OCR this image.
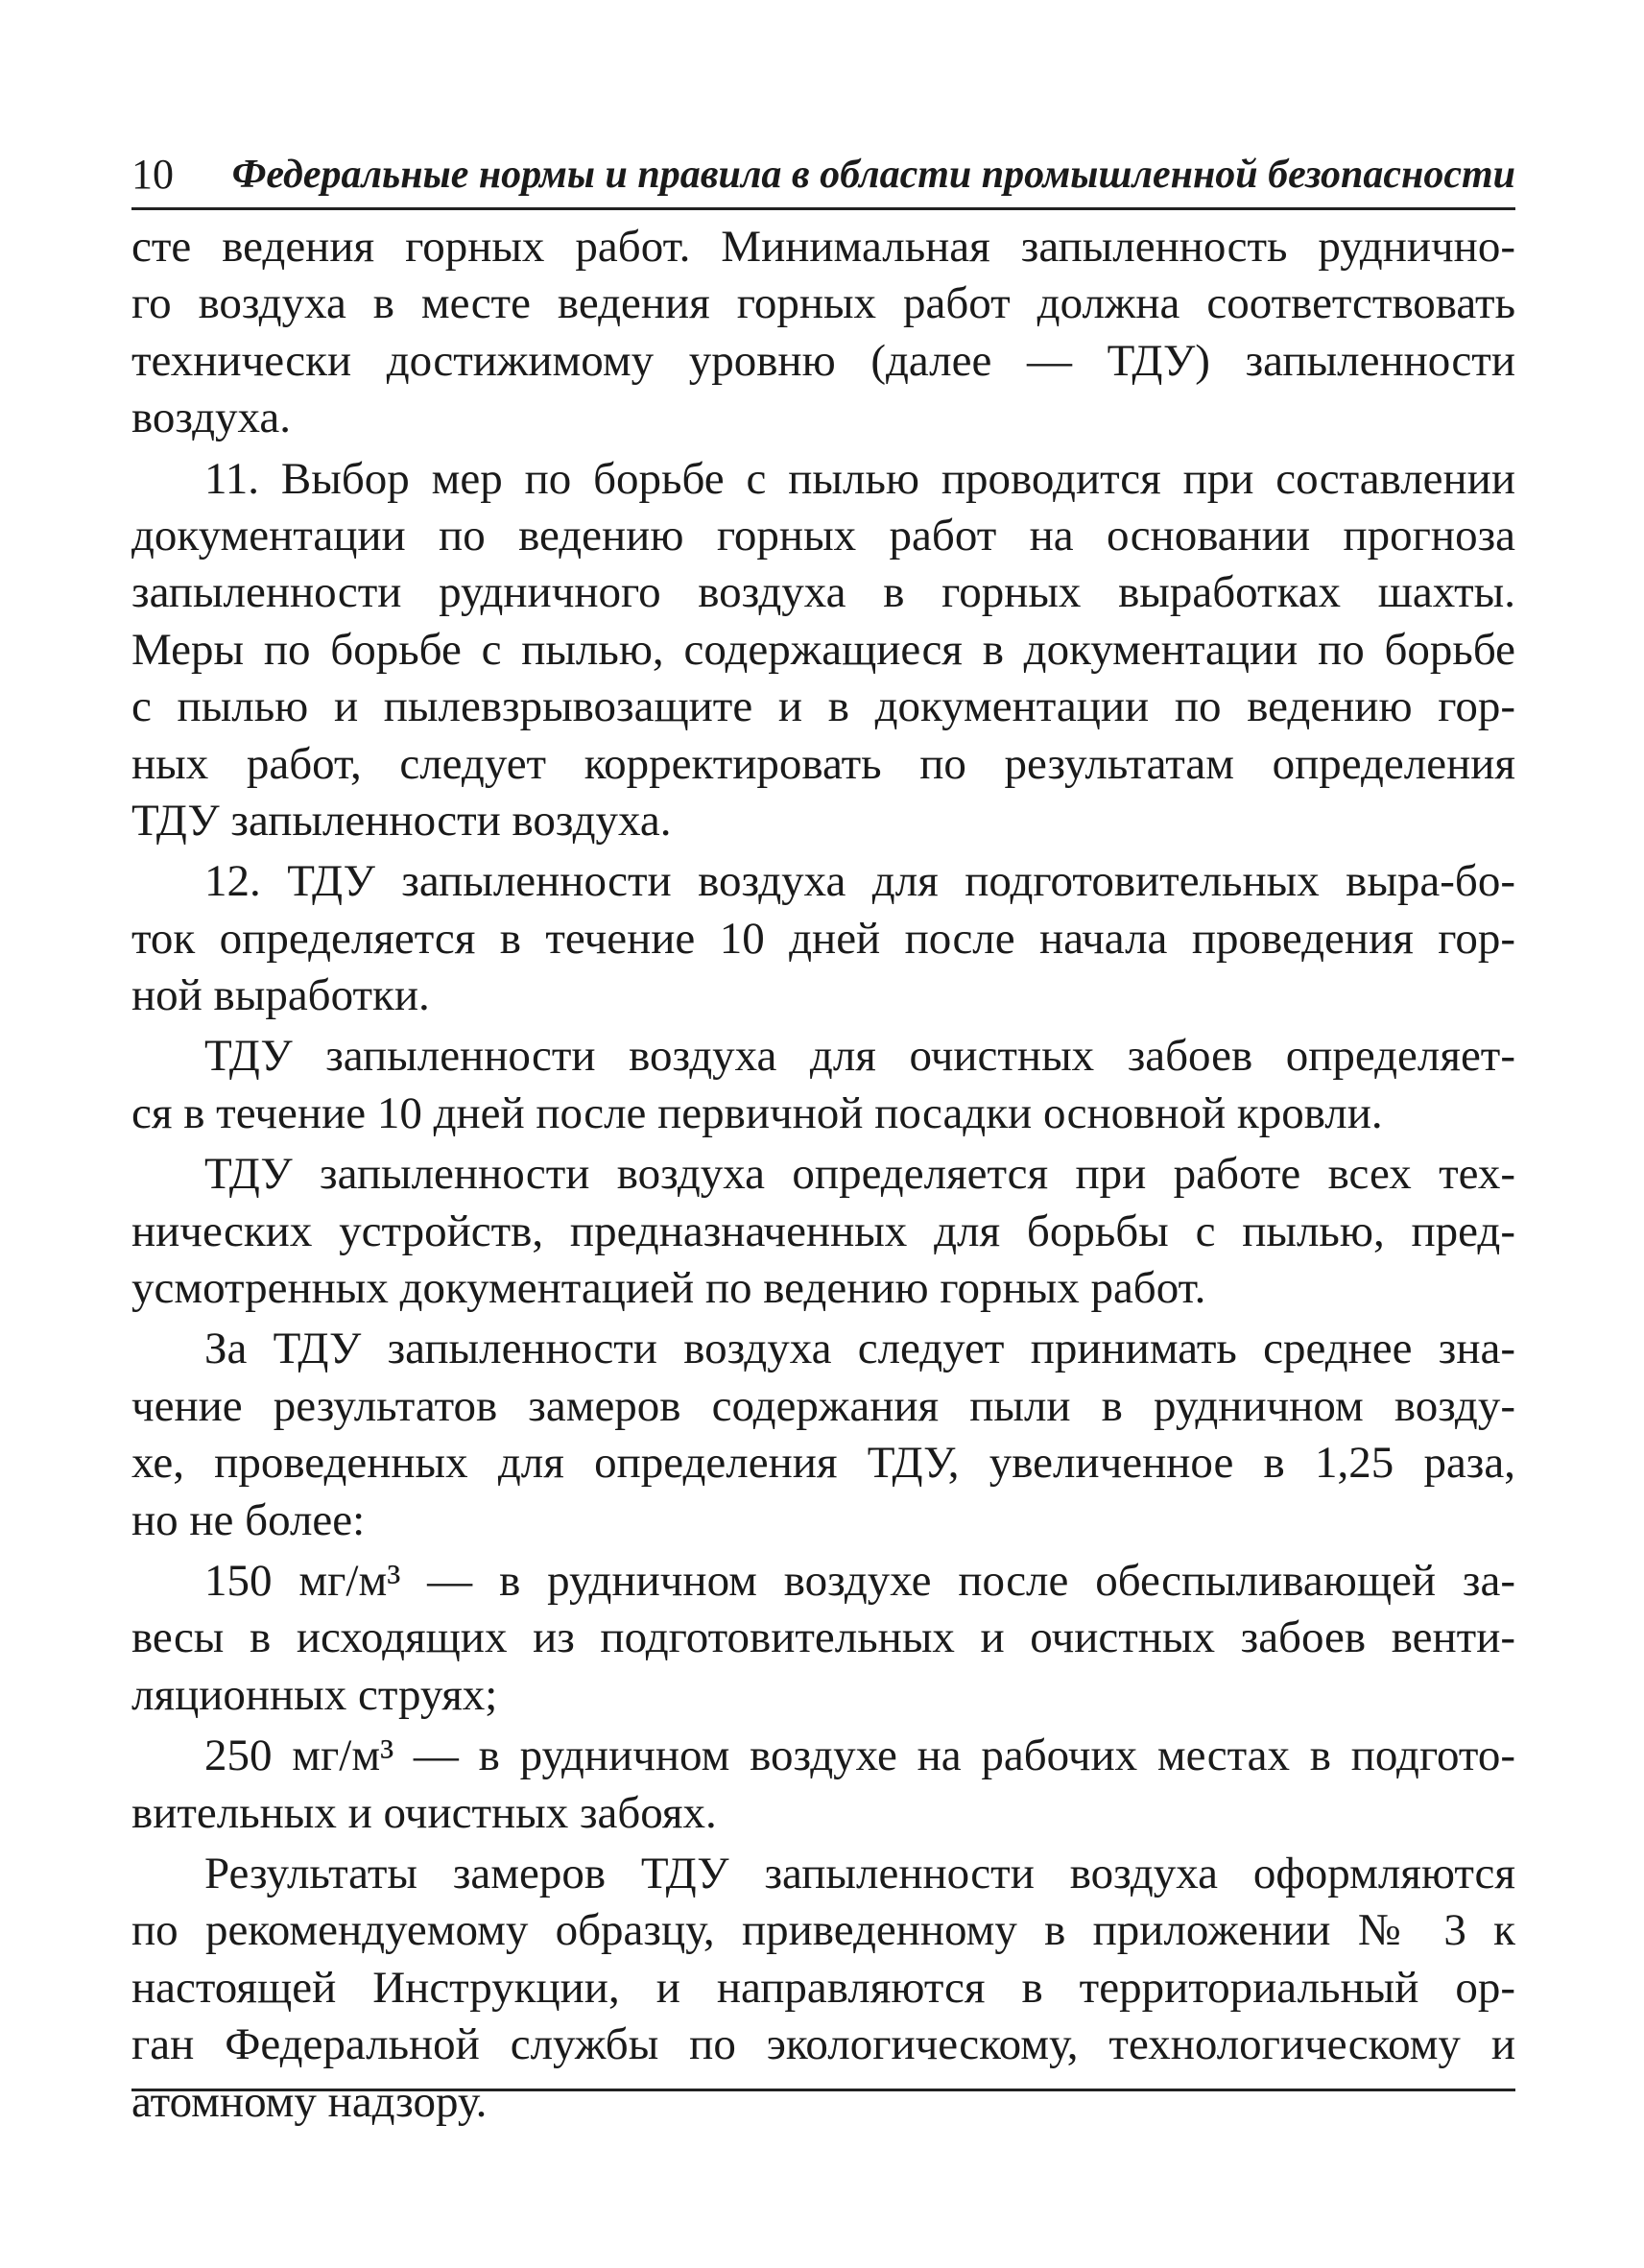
10 Федеральные нормы и правила в области промышленной безопасности
сте ведения горных работ. Минимальная запыленность руднично-
го воздуха в месте ведения горных работ должна соответствовать
технически достижимому уровню (далее — ТДУ) запыленности
воздуха.
11. Выбор мер по борьбе с пылью проводится при составлении
документации по ведению горных работ на основании прогноза
запыленности рудничного воздуха в горных выработках шахты.
Меры по борьбе с пылью, содержащиеся в документации по борьбе
с пылью и пылевзрывозащите и в документации по ведению гор-
ных работ, следует корректировать по результатам определения
ТДУ запыленности воздуха.
12. ТДУ запыленности воздуха для подготовительных выра-бо-
ток определяется в течение 10 дней после начала проведения гор-
ной выработки.
ТДУ запыленности воздуха для очистных забоев определяет-
ся в течение 10 дней после первичной посадки основной кровли.
ТДУ запыленности воздуха определяется при работе всех тех-
нических устройств, предназначенных для борьбы с пылью, пред-
усмотренных документацией по ведению горных работ.
За ТДУ запыленности воздуха следует принимать среднее зна-
чение результатов замеров содержания пыли в рудничном возду-
хе, проведенных для определения ТДУ, увеличенное в 1,25 раза,
но не более:
150 мг/м³ — в рудничном воздухе после обеспыливающей за-
весы в исходящих из подготовительных и очистных забоев венти-
ляционных струях;
250 мг/м³ — в рудничном воздухе на рабочих местах в подгото-
вительных и очистных забоях.
Результаты замеров ТДУ запыленности воздуха оформляются
по рекомендуемому образцу, приведенному в приложении № 3 к
настоящей Инструкции, и направляются в территориальный ор-
ган Федеральной службы по экологическому, технологическому и
атомному надзору.
